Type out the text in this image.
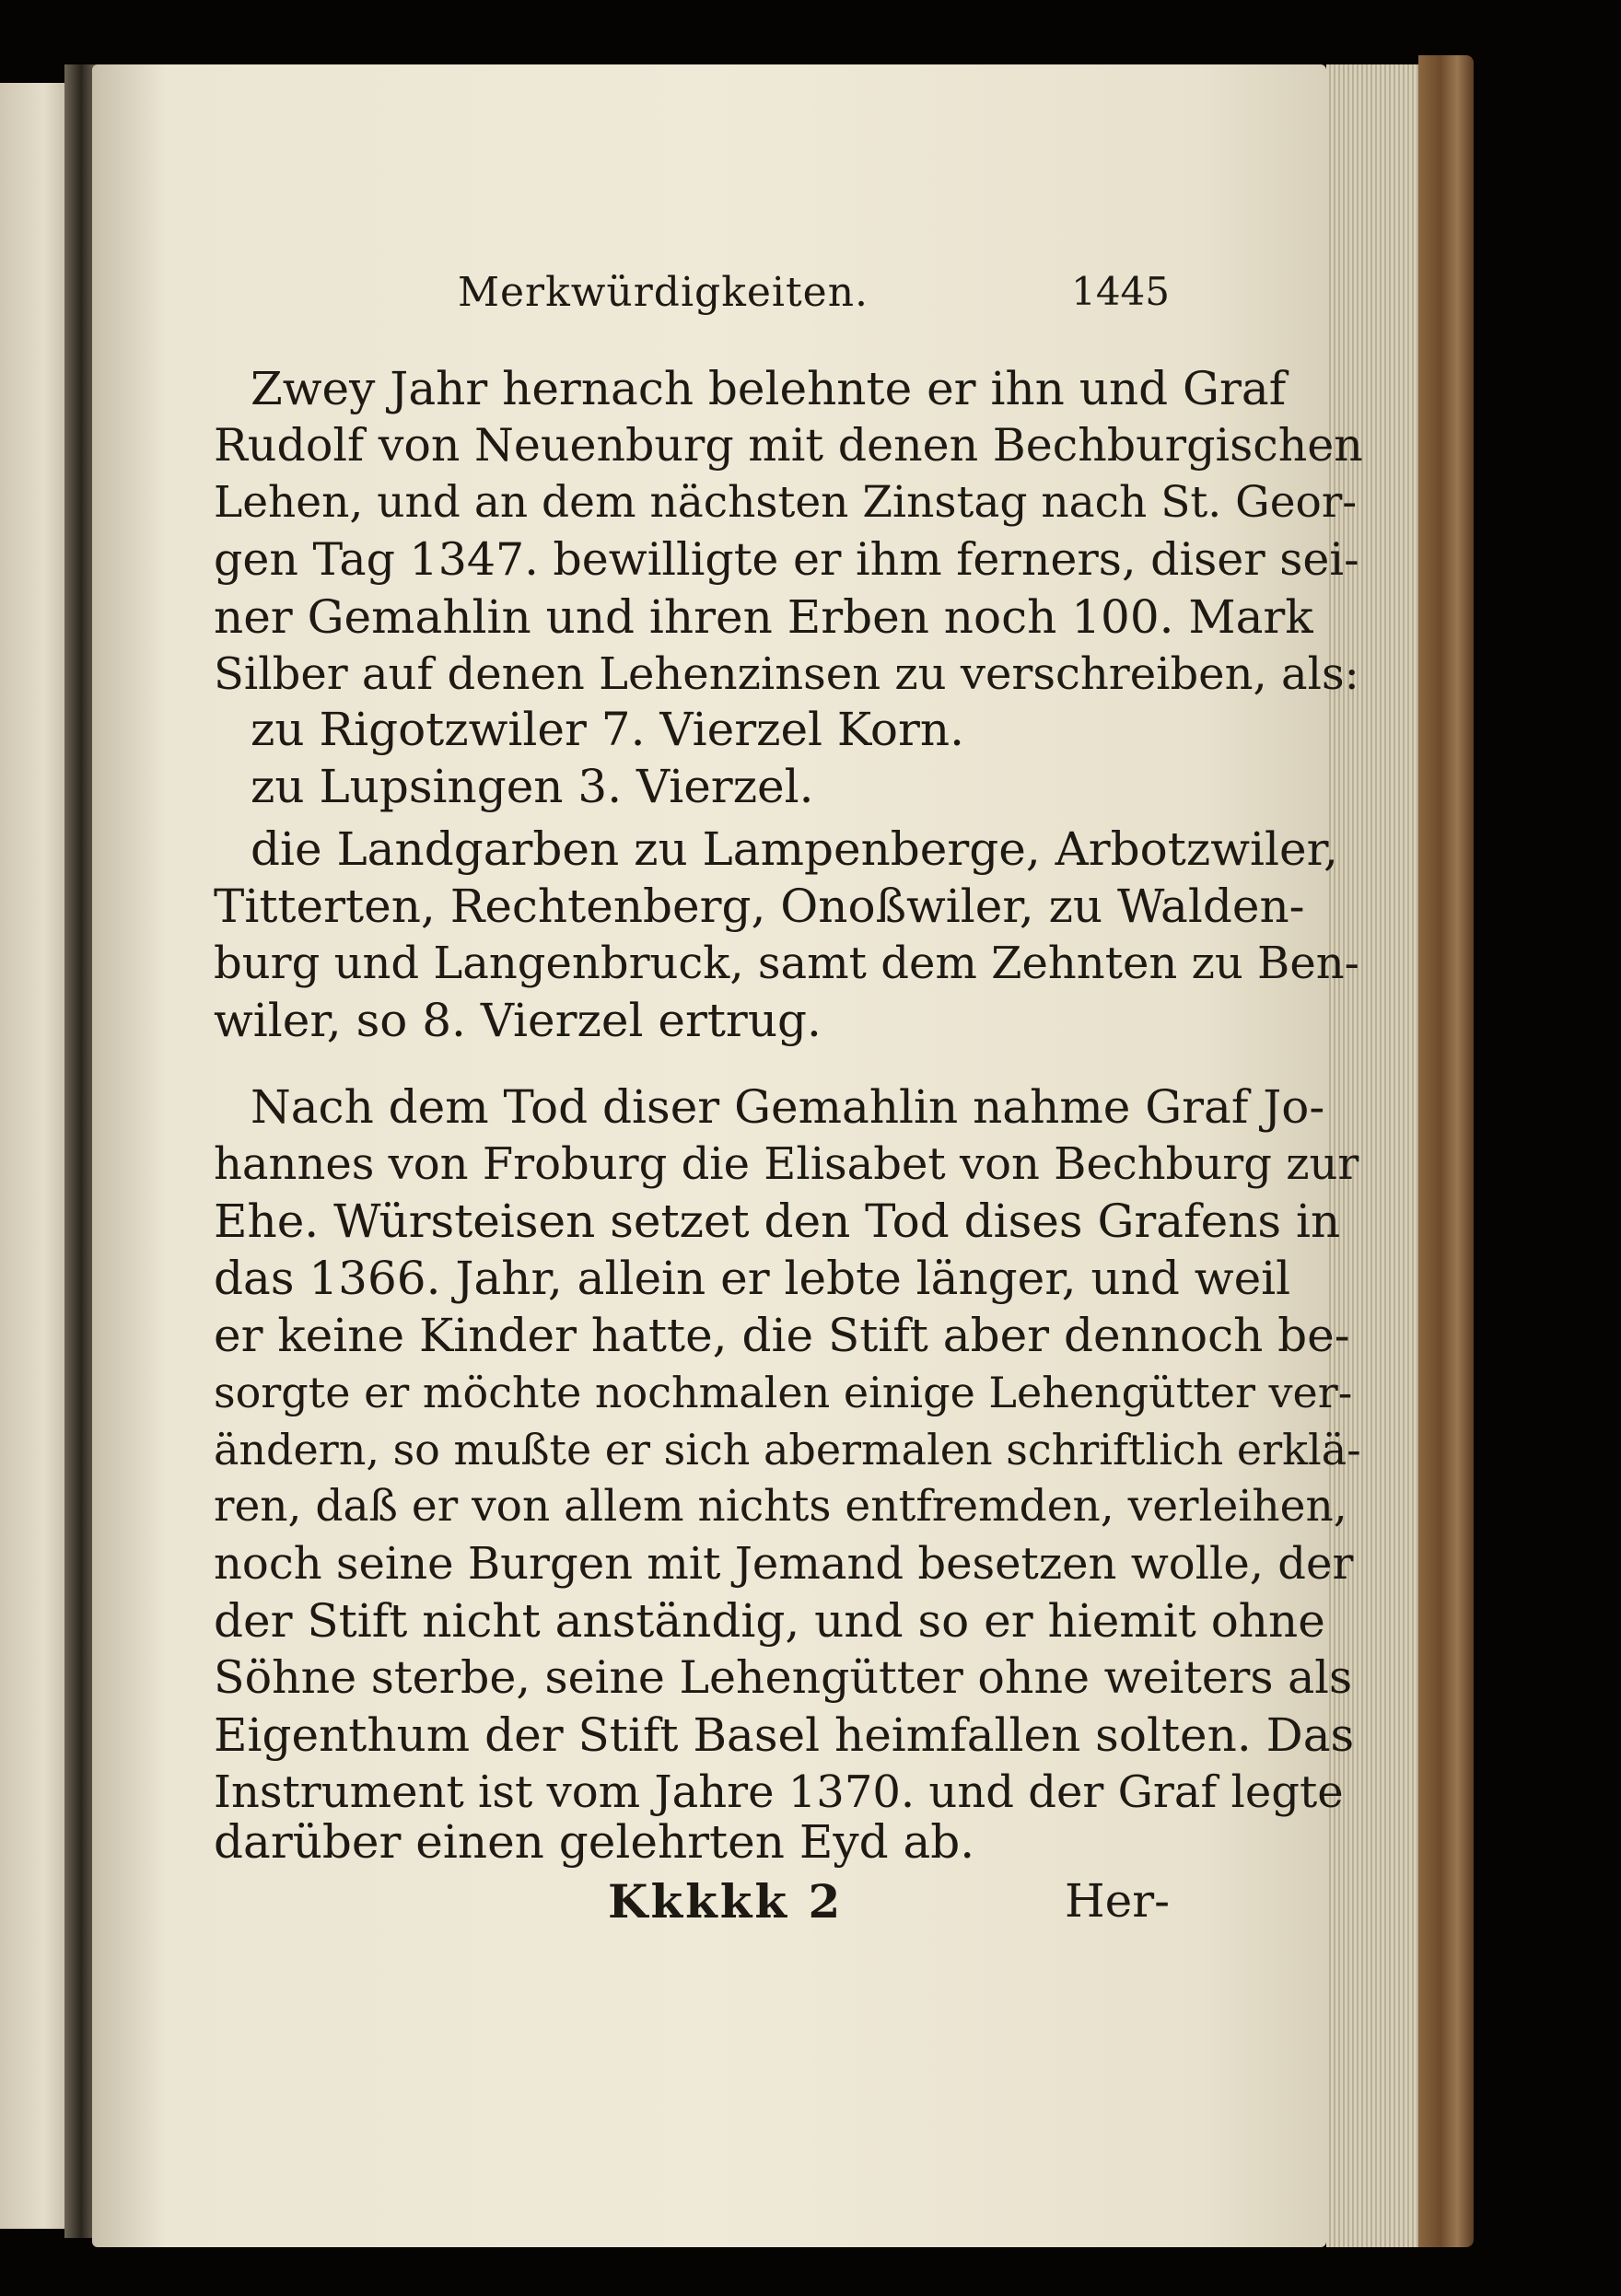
Merkwürdigkeiten.	1445
Zwey Jahr hernach belehnte er ihn und Graf
Rudolf von Neuenburg mit denen Bechburgischen
Lehen, und an dem nächsten Zinstag nach St. Geor-
gen Tag 1347. bewilligte er ihm ferners, diser sei-
ner Gemahlin und ihren Erben noch 100. Mark
Silber auf denen Lehenzinsen zu verschreiben, als:
zu Rigotzwiler 7. Vierzel Korn.
zu Lupsingen 3. Vierzel.
die Landgarben zu Lampenberge, Arbotzwiler,
Titterten, Rechtenberg, Onoßwiler, zu Walden-
burg und Langenbruck, samt dem Zehnten zu Ben-
wiler, so 8. Vierzel ertrug.
Nach dem Tod diser Gemahlin nahme Graf Jo-
hannes von Froburg die Elisabet von Bechburg zur
Ehe. Würsteisen setzet den Tod dises Grafens in
das 1366. Jahr, allein er lebte länger, und weil
er keine Kinder hatte, die Stift aber dennoch be-
sorgte er möchte nochmalen einige Lehengütter ver-
ändern, so mußte er sich abermalen schriftlich erklä-
ren, daß er von allem nichts entfremden, verleihen,
noch seine Burgen mit Jemand besetzen wolle, der
der Stift nicht anständig, und so er hiemit ohne
Söhne sterbe, seine Lehengütter ohne weiters als
Eigenthum der Stift Basel heimfallen solten. Das
Instrument ist vom Jahre 1370. und der Graf legte
darüber einen gelehrten Eyd ab.
Kkkkk 2	Her-
